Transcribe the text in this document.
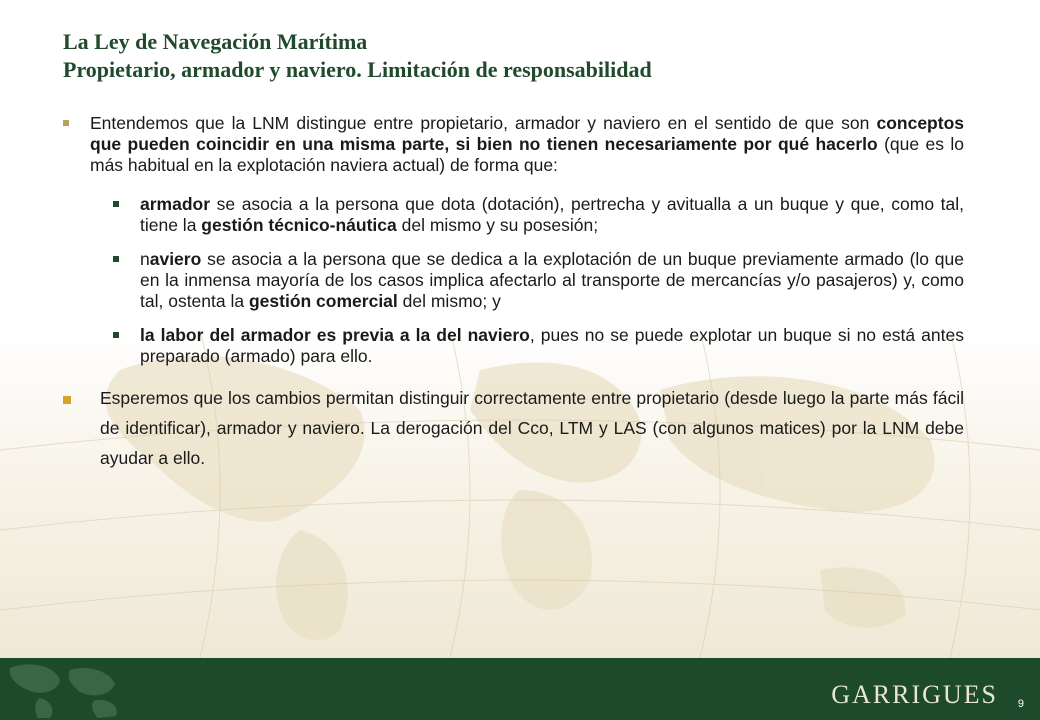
La Ley de Navegación Marítima
Propietario, armador y naviero. Limitación de responsabilidad
Entendemos que la LNM distingue entre propietario, armador y naviero en el sentido de que son conceptos que pueden coincidir en una misma parte, si bien no tienen necesariamente por qué hacerlo (que es lo más habitual en la explotación naviera actual) de forma que:
armador se asocia a la persona que dota (dotación), pertrecha y avitualla a un buque y que, como tal, tiene la gestión técnico-náutica del mismo y su posesión;
naviero se asocia a la persona que se dedica a la explotación de un buque previamente armado (lo que en la inmensa mayoría de los casos implica afectarlo al transporte de mercancías y/o pasajeros) y, como tal, ostenta la gestión comercial del mismo; y
la labor del armador es previa a la del naviero, pues no se puede explotar un buque si no está antes preparado (armado) para ello.
Esperemos que los cambios permitan distinguir correctamente entre propietario (desde luego la parte más fácil de identificar), armador y naviero. La derogación del Cco, LTM y LAS (con algunos matices) por la LNM debe ayudar a ello.
GARRIGUES 9
